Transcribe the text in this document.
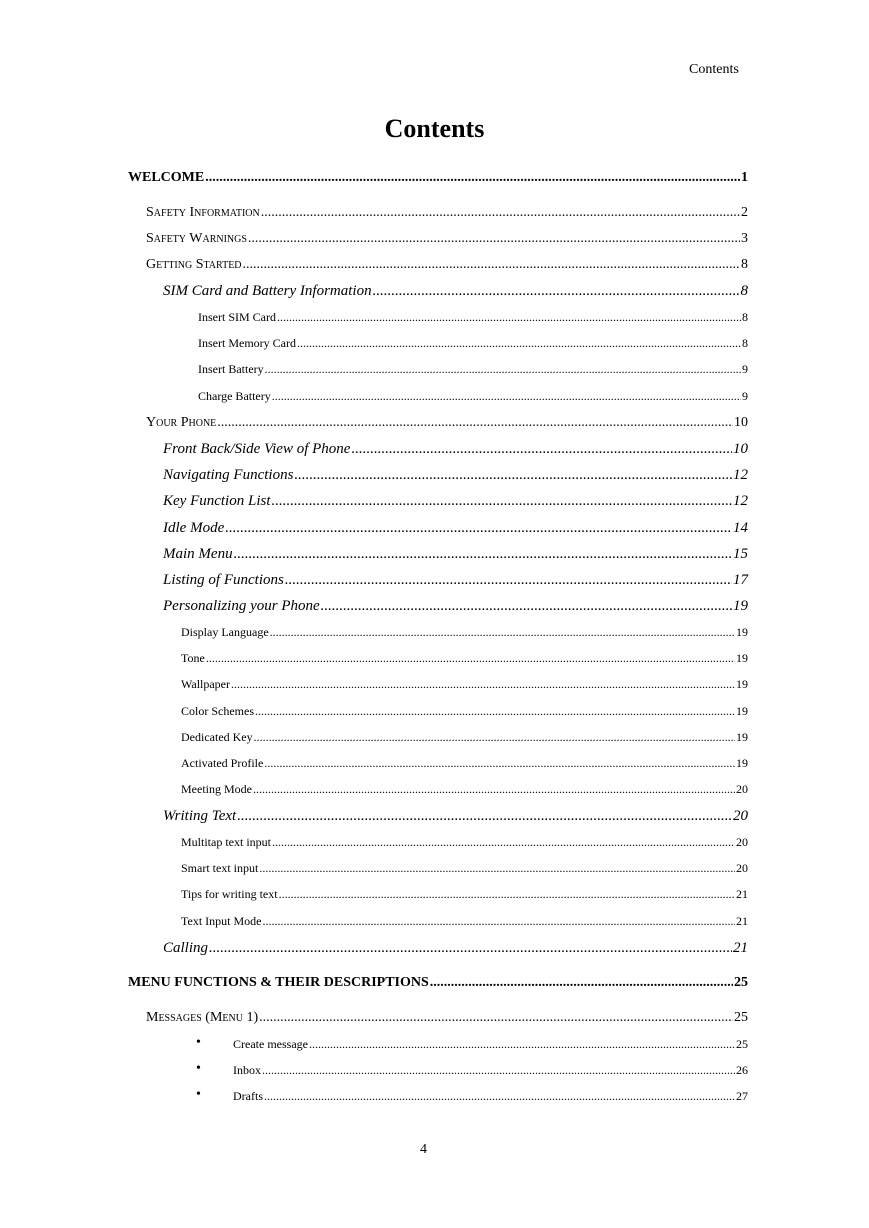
Contents
Contents
WELCOME .....	1
Safety Information .....	2
Safety Warnings .....	3
Getting Started .....	8
SIM Card and Battery Information .....	8
Insert SIM Card .....	8
Insert Memory Card .....	8
Insert Battery .....	9
Charge Battery .....	9
Your Phone .....	10
Front Back/Side View of Phone .....	10
Navigating Functions .....	12
Key Function List .....	12
Idle Mode .....	14
Main Menu .....	15
Listing of Functions .....	17
Personalizing your Phone .....	19
Display Language .....	19
Tone .....	19
Wallpaper .....	19
Color Schemes .....	19
Dedicated Key .....	19
Activated Profile .....	19
Meeting Mode .....	20
Writing Text .....	20
Multitap text input .....	20
Smart text input .....	20
Tips for writing text .....	21
Text Input Mode .....	21
Calling .....	21
MENU FUNCTIONS & THEIR DESCRIPTIONS .....	25
Messages (Menu 1) .....	25
•	Create message .....	25
•	Inbox .....	26
•	Drafts .....	27
4
